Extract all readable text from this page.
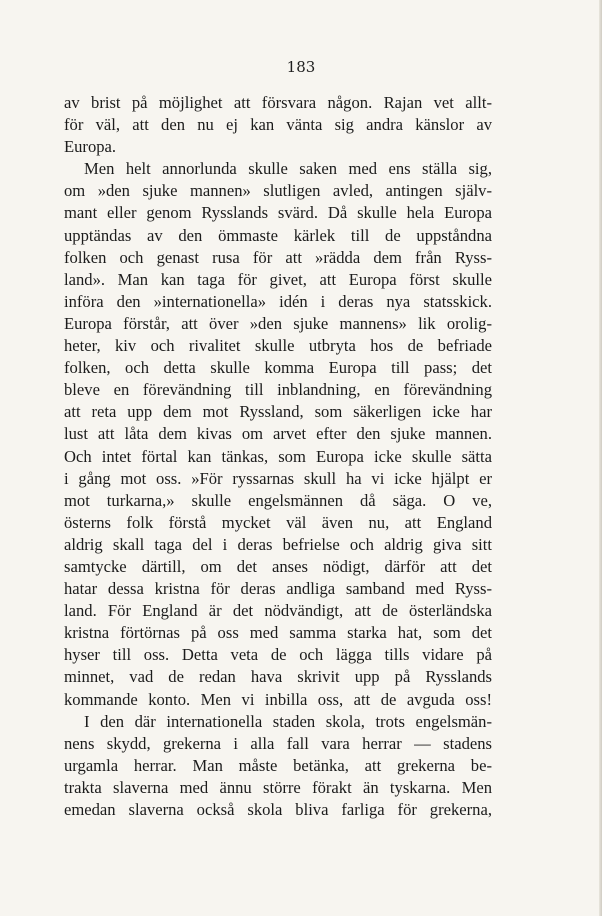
183
av brist på möjlighet att försvara någon. Rajan vet allt-
för väl, att den nu ej kan vänta sig andra känslor av
Europa.
Men helt annorlunda skulle saken med ens ställa sig,
om »den sjuke mannen» slutligen avled, antingen själv-
mant eller genom Rysslands svärd. Då skulle hela Europa
upptändas av den ömmaste kärlek till de uppståndna
folken och genast rusa för att »rädda dem från Ryss-
land». Man kan taga för givet, att Europa först skulle
införa den »internationella» idén i deras nya statsskick.
Europa förstår, att över »den sjuke mannens» lik orolig-
heter, kiv och rivalitet skulle utbryta hos de befriade
folken, och detta skulle komma Europa till pass; det
bleve en förevändning till inblandning, en förevändning
att reta upp dem mot Ryssland, som säkerligen icke har
lust att låta dem kivas om arvet efter den sjuke mannen.
Och intet förtal kan tänkas, som Europa icke skulle sätta
i gång mot oss. »För ryssarnas skull ha vi icke hjälpt er
mot turkarna,» skulle engelsmännen då säga. O ve,
österns folk förstå mycket väl även nu, att England
aldrig skall taga del i deras befrielse och aldrig giva sitt
samtycke därtill, om det anses nödigt, därför att det
hatar dessa kristna för deras andliga samband med Ryss-
land. För England är det nödvändigt, att de österländska
kristna förtörnas på oss med samma starka hat, som det
hyser till oss. Detta veta de och lägga tills vidare på
minnet, vad de redan hava skrivit upp på Rysslands
kommande konto. Men vi inbilla oss, att de avguda oss!
I den där internationella staden skola, trots engelsmän-
nens skydd, grekerna i alla fall vara herrar — stadens
urgamla herrar. Man måste betänka, att grekerna be-
trakta slaverna med ännu större förakt än tyskarna. Men
emedan slaverna också skola bliva farliga för grekerna,
